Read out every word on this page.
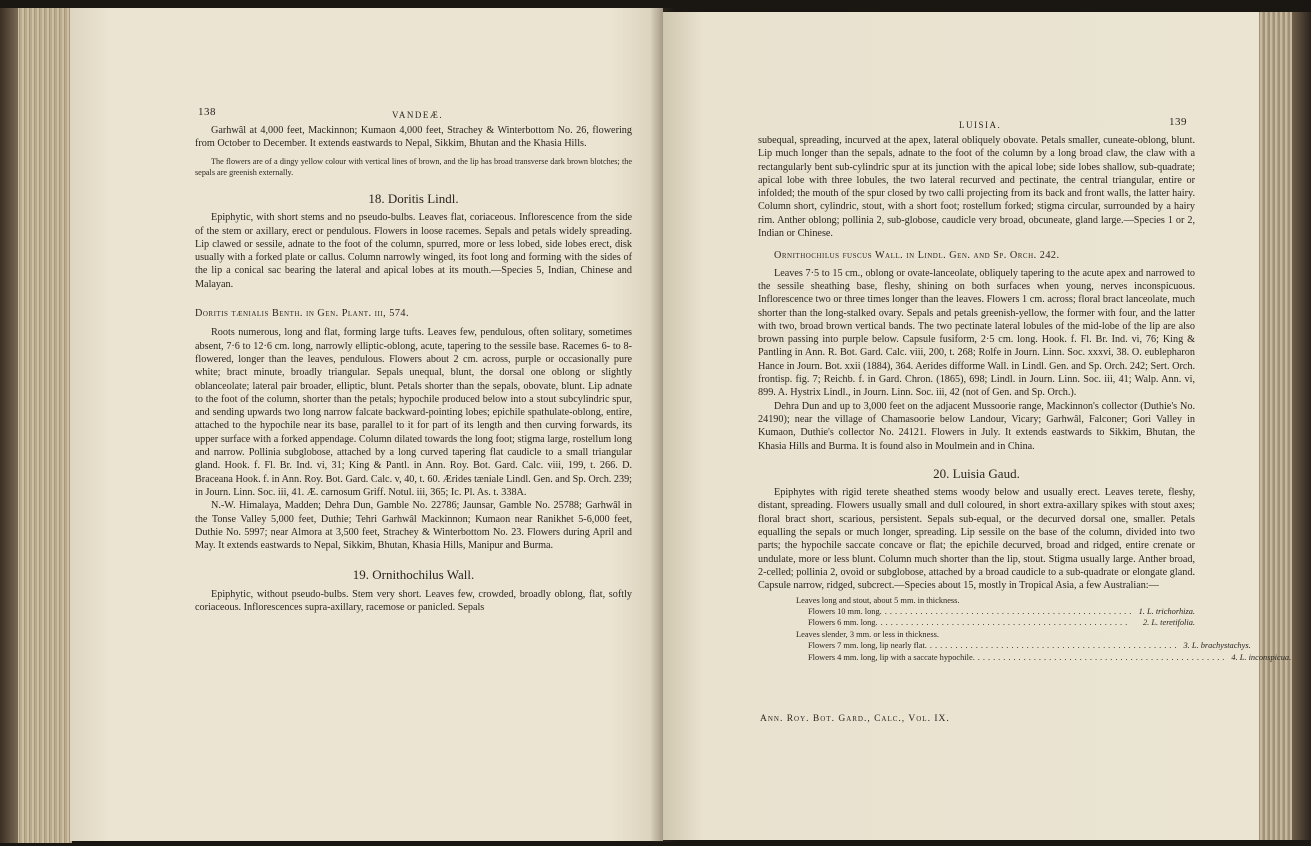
138	VANDEÆ.

Garhwâl at 4,000 feet, Mackinnon; Kumaon 4,000 feet, Strachey & Winterbottom No. 26, flowering from October to December. It extends eastwards to Nepal, Sikkim, Bhutan and the Khasia Hills.

The flowers are of a dingy yellow colour with vertical lines of brown, and the lip has broad transverse dark brown blotches; the sepals are greenish externally.

18. Doritis Lindl.

Epiphytic, with short stems and no pseudo-bulbs. Leaves flat, coriaceous. Inflorescence from the side of the stem or axillary, erect or pendulous. Flowers in loose racemes. Sepals and petals widely spreading. Lip clawed or sessile, adnate to the foot of the column, spurred, more or less lobed, side lobes erect, disk usually with a forked plate or callus. Column narrowly winged, its foot long and forming with the sides of the lip a conical sac bearing the lateral and apical lobes at its mouth.—Species 5, Indian, Chinese and Malayan.

Doritis tænialis Benth. in Gen. Plant. iii, 574.

Roots numerous, long and flat, forming large tufts. Leaves few, pendulous, often solitary, sometimes absent, 7·6 to 12·6 cm. long, narrowly elliptic-oblong, acute, tapering to the sessile base. Racemes 6- to 8-flowered, longer than the leaves, pendulous. Flowers about 2 cm. across, purple or occasionally pure white; bract minute, broadly triangular. Sepals unequal, blunt, the dorsal one oblong or slightly oblanceolate; lateral pair broader, elliptic, blunt. Petals shorter than the sepals, obovate, blunt. Lip adnate to the foot of the column, shorter than the petals; hypochile produced below into a stout subcylindric spur, and sending upwards two long narrow falcate backward-pointing lobes; epichile spathulate-oblong, entire, attached to the hypochile near its base, parallel to it for part of its length and then curving forwards, its upper surface with a forked appendage. Column dilated towards the long foot; stigma large, rostellum long and narrow. Pollinia subglobose, attached by a long curved tapering flat caudicle to a small triangular gland. Hook. f. Fl. Br. Ind. vi, 31; King & Pantl. in Ann. Roy. Bot. Gard. Calc. viii, 199, t. 266. D. Braceana Hook. f. in Ann. Roy. Bot. Gard. Calc. v, 40, t. 60. Ærides tæniale Lindl. Gen. and Sp. Orch. 239; in Journ. Linn. Soc. iii, 41. Æ. carnosum Griff. Notul. iii, 365; Ic. Pl. As. t. 338A.

N.-W. Himalaya, Madden; Dehra Dun, Gamble No. 22786; Jaunsar, Gamble No. 25788; Garhwâl in the Tonse Valley 5,000 feet, Duthie; Tehri Garhwâl Mackinnon; Kumaon near Ranikhet 5-6,000 feet, Duthie No. 5997; near Almora at 3,500 feet, Strachey & Winterbottom No. 23. Flowers during April and May. It extends eastwards to Nepal, Sikkim, Bhutan, Khasia Hills, Manipur and Burma.

19. Ornithochilus Wall.

Epiphytic, without pseudo-bulbs. Stem very short. Leaves few, crowded, broadly oblong, flat, softly coriaceous. Inflorescences supra-axillary, racemose or panicled. Sepals

LUISIA.	139

subequal, spreading, incurved at the apex, lateral obliquely obovate. Petals smaller, cuneate-oblong, blunt. Lip much longer than the sepals, adnate to the foot of the column by a long broad claw, the claw with a rectangularly bent sub-cylindric spur at its junction with the apical lobe; side lobes shallow, sub-quadrate; apical lobe with three lobules, the two lateral recurved and pectinate, the central triangular, entire or infolded; the mouth of the spur closed by two calli projecting from its back and front walls, the latter hairy. Column short, cylindric, stout, with a short foot; rostellum forked; stigma circular, surrounded by a hairy rim. Anther oblong; pollinia 2, sub-globose, caudicle very broad, obcuneate, gland large.—Species 1 or 2, Indian or Chinese.

Ornithochilus fuscus Wall. in Lindl. Gen. and Sp. Orch. 242.

Leaves 7·5 to 15 cm., oblong or ovate-lanceolate, obliquely tapering to the acute apex and narrowed to the sessile sheathing base, fleshy, shining on both surfaces when young, nerves inconspicuous. Inflorescence two or three times longer than the leaves. Flowers 1 cm. across; floral bract lanceolate, much shorter than the long-stalked ovary. Sepals and petals greenish-yellow, the former with four, and the latter with two, broad brown vertical bands. The two pectinate lateral lobules of the mid-lobe of the lip are also brown passing into purple below. Capsule fusiform, 2·5 cm. long. Hook. f. Fl. Br. Ind. vi, 76; King & Pantling in Ann. R. Bot. Gard. Calc. viii, 200, t. 268; Rolfe in Journ. Linn. Soc. xxxvi, 38. O. eublepharon Hance in Journ. Bot. xxii (1884), 364. Aerides difforme Wall. in Lindl. Gen. and Sp. Orch. 242; Sert. Orch. frontisp. fig. 7; Reichb. f. in Gard. Chron. (1865), 698; Lindl. in Journ. Linn. Soc. iii, 41; Walp. Ann. vi, 899. A. Hystrix Lindl., in Journ. Linn. Soc. iii, 42 (not of Gen. and Sp. Orch.).

Dehra Dun and up to 3,000 feet on the adjacent Mussoorie range, Mackinnon's collector (Duthie's No. 24190); near the village of Chamasoorie below Landour, Vicary; Garhwâl, Falconer; Gori Valley in Kumaon, Duthie's collector No. 24121. Flowers in July. It extends eastwards to Sikkim, Bhutan, the Khasia Hills and Burma. It is found also in Moulmein and in China.

20. Luisia Gaud.

Epiphytes with rigid terete sheathed stems woody below and usually erect. Leaves terete, fleshy, distant, spreading. Flowers usually small and dull coloured, in short extra-axillary spikes with stout axes; floral bract short, scarious, persistent. Sepals sub-equal, or the decurved dorsal one, smaller. Petals equalling the sepals or much longer, spreading. Lip sessile on the base of the column, divided into two parts; the hypochile saccate concave or flat; the epichile decurved, broad and ridged, entire crenate or undulate, more or less blunt. Column much shorter than the lip, stout. Stigma usually large. Anther broad, 2-celled; pollinia 2, ovoid or subglobose, attached by a broad caudicle to a sub-quadrate or elongate gland. Capsule narrow, ridged, subcrect.—Species about 15, mostly in Tropical Asia, a few Australian:—

Leaves long and stout, about 5 mm. in thickness.
Flowers 10 mm. long .................................................. 1. L. trichorhiza.
Flowers 6 mm. long ..................................................	2. L. teretifolia.
Leaves slender, 3 mm. or less in thickness.
Flowers 7 mm. long, lip nearly flat .................................................. 3. L. brachystachys.
Flowers 4 mm. long, lip with a saccate hypochile .................................................. 4. L. inconspicua.
Ann. Roy. Bot. Gard., Calc., Vol. IX.
